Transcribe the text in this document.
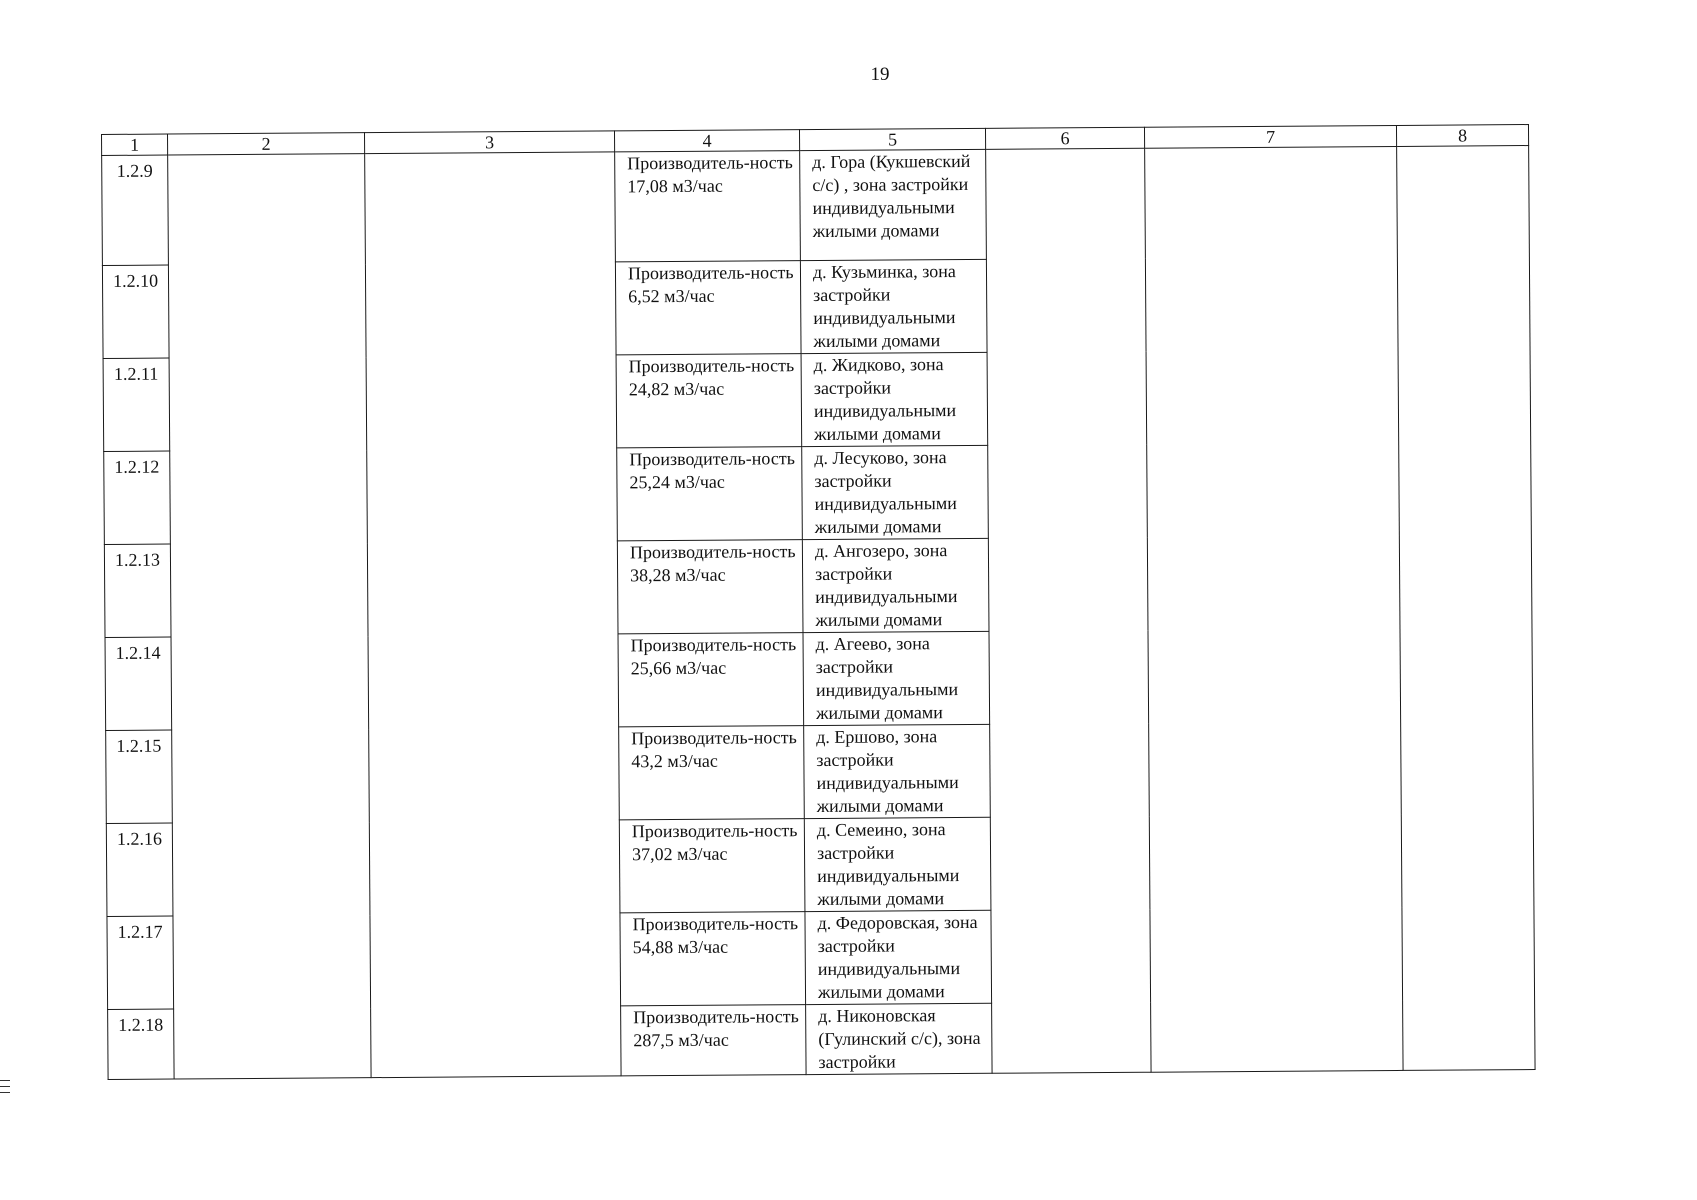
19
1	2	3	4	5	6	7	8
1.2.9			Производитель-ность 17,08 м3/час	д. Гора (Кукшевский с/с) , зона застройки индивидуальными жилыми домами			
1.2.10			Производитель-ность 6,52 м3/час	д. Кузьминка, зона застройки индивидуальными жилыми домами			
1.2.11			Производитель-ность 24,82 м3/час	д. Жидково, зона застройки индивидуальными жилыми домами			
1.2.12			Производитель-ность 25,24 м3/час	д. Лесуково, зона застройки индивидуальными жилыми домами			
1.2.13			Производитель-ность 38,28 м3/час	д. Ангозеро, зона застройки индивидуальными жилыми домами			
1.2.14			Производитель-ность 25,66 м3/час	д. Агеево, зона застройки индивидуальными жилыми домами			
1.2.15			Производитель-ность 43,2 м3/час	д. Ершово, зона застройки индивидуальными жилыми домами			
1.2.16			Производитель-ность 37,02 м3/час	д. Семеино, зона застройки индивидуальными жилыми домами			
1.2.17			Производитель-ность 54,88 м3/час	д. Федоровская, зона застройки индивидуальными жилыми домами			
1.2.18			Производитель-ность 287,5 м3/час	д. Никоновская (Гулинский с/с), зона застройки			
